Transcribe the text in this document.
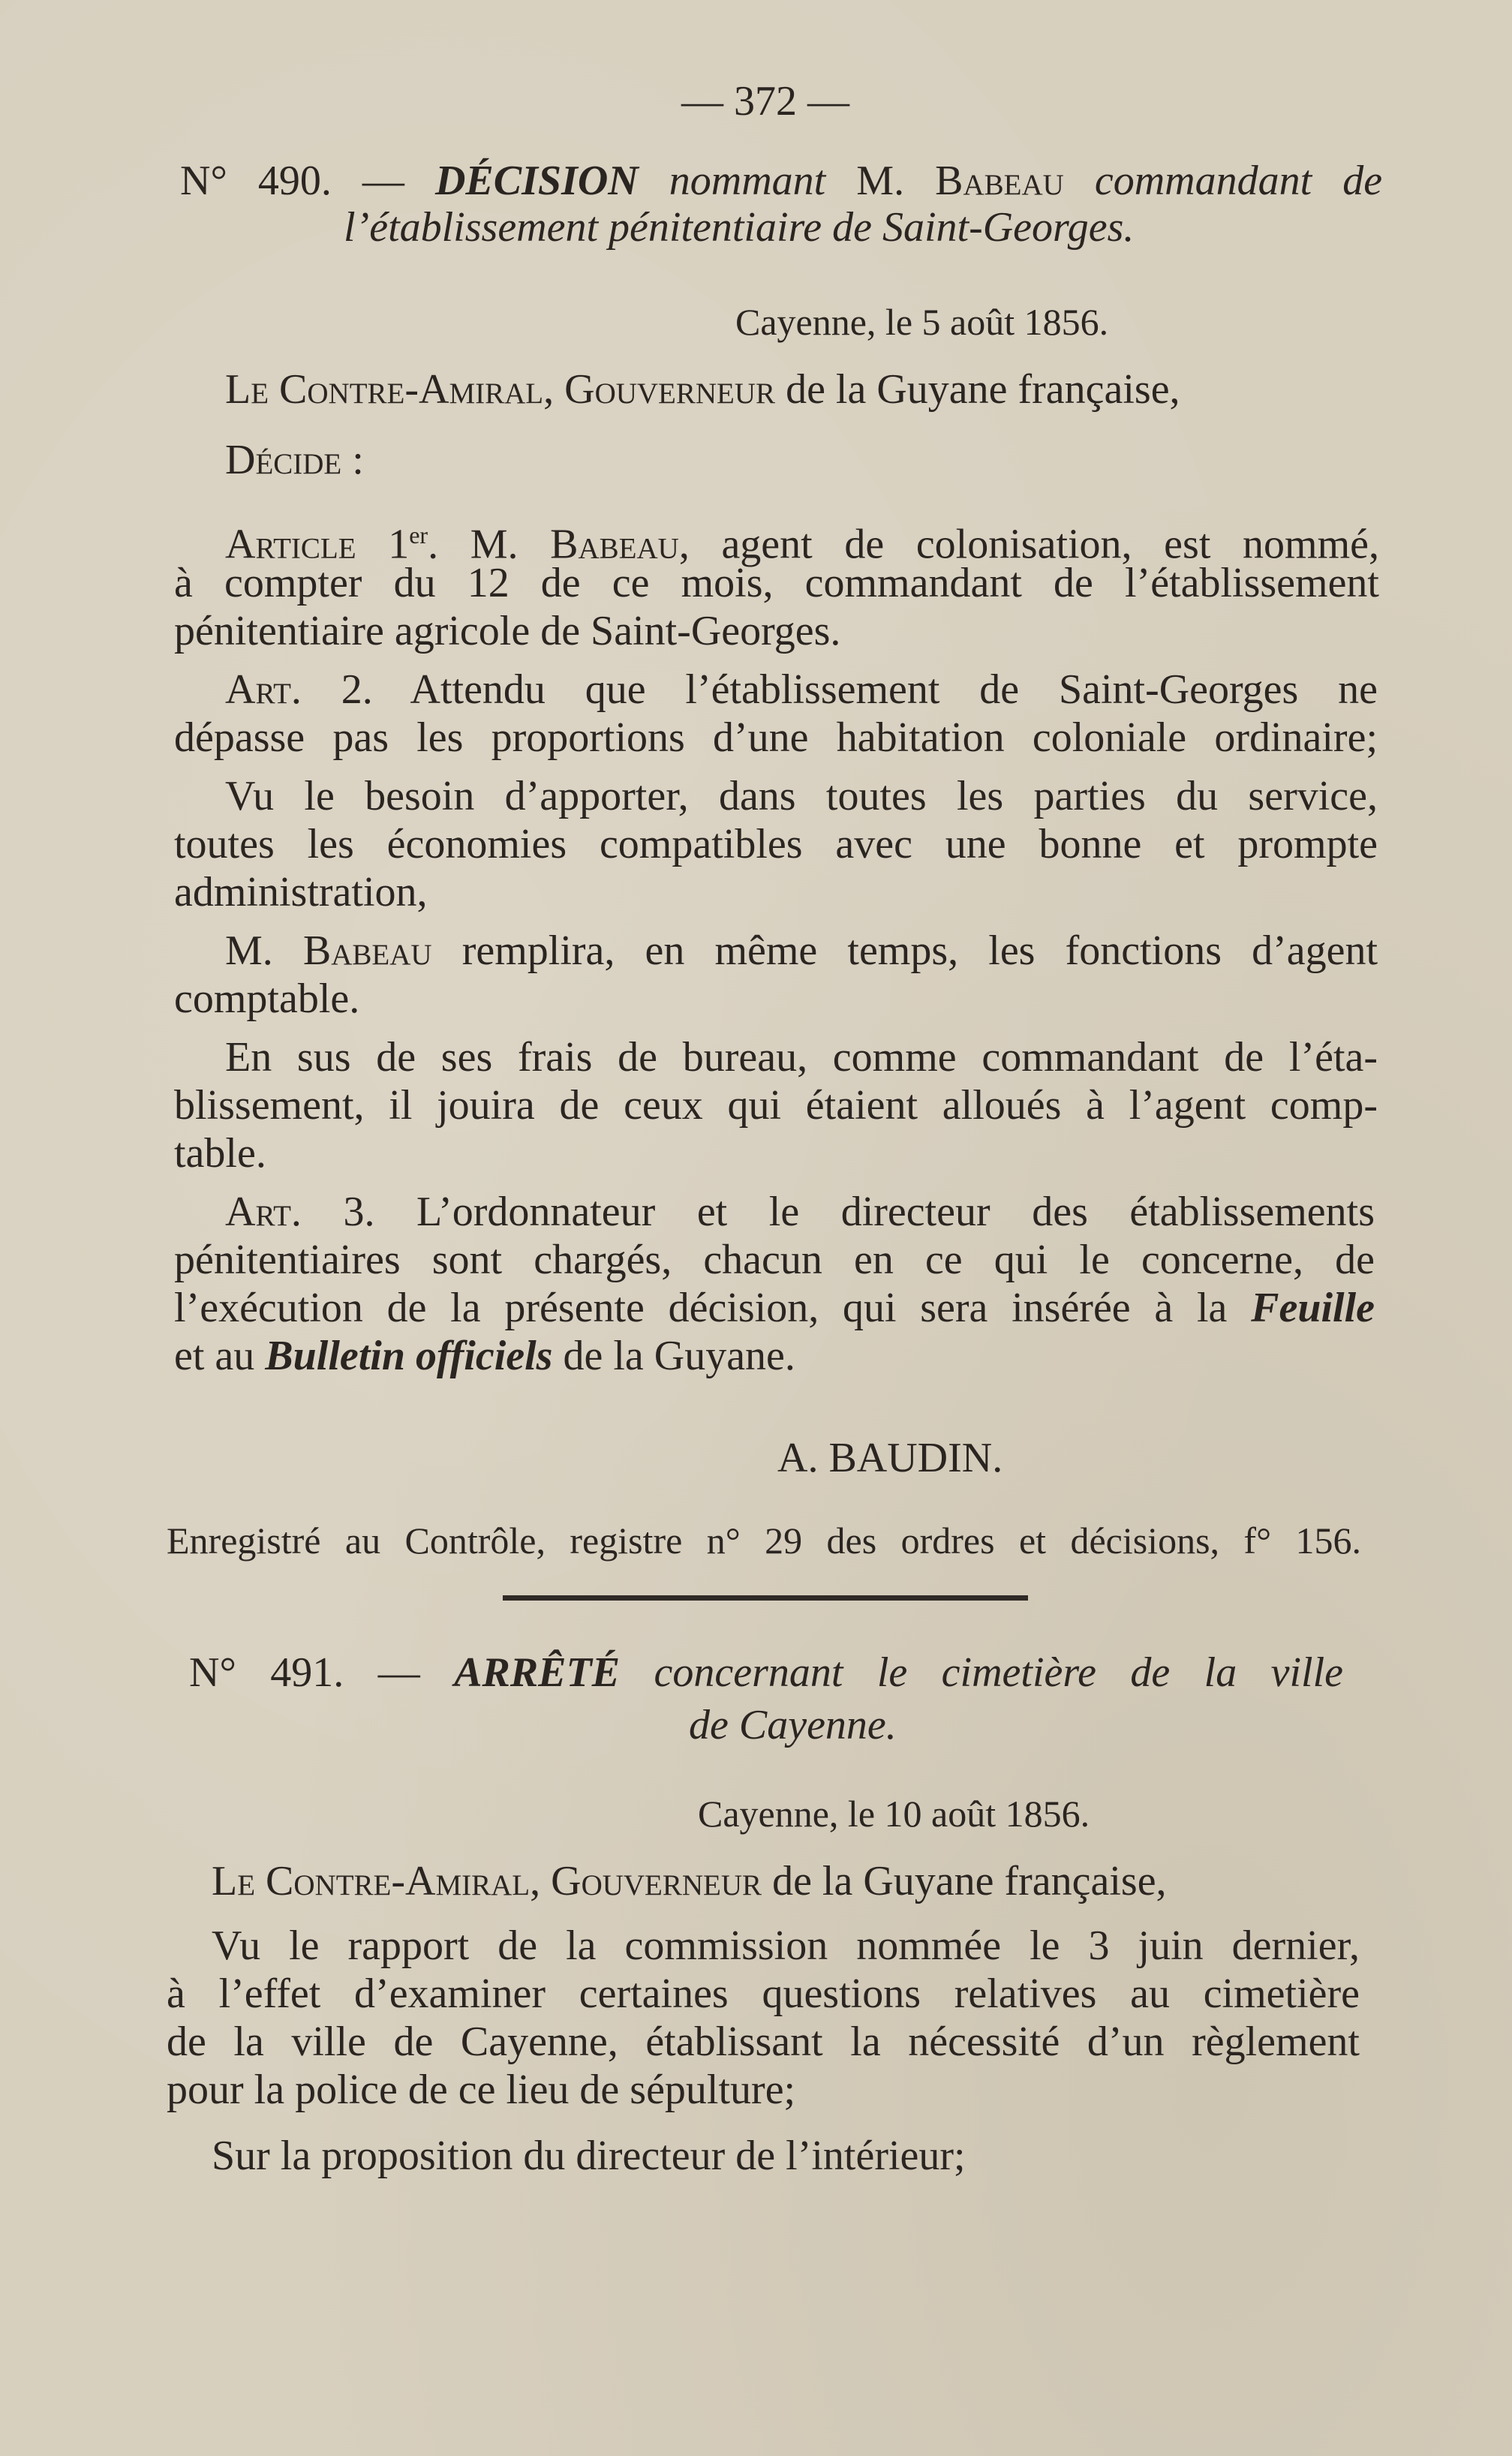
— 372 —
N° 490. — DÉCISION nommant M. Babeau commandant de
l’établissement pénitentiaire de Saint-Georges.
Cayenne, le 5 août 1856.
Le Contre-Amiral, Gouverneur de la Guyane française,
Décide :
Article 1er. M. Babeau, agent de colonisation, est nommé,
à compter du 12 de ce mois, commandant de l’établissement
pénitentiaire agricole de Saint-Georges.
Art. 2. Attendu que l’établissement de Saint-Georges ne
dépasse pas les proportions d’une habitation coloniale ordinaire;
Vu le besoin d’apporter, dans toutes les parties du service,
toutes les économies compatibles avec une bonne et prompte
administration,
M. Babeau remplira, en même temps, les fonctions d’agent
comptable.
En sus de ses frais de bureau, comme commandant de l’éta-
blissement, il jouira de ceux qui étaient alloués à l’agent comp-
table.
Art. 3. L’ordonnateur et le directeur des établissements
pénitentiaires sont chargés, chacun en ce qui le concerne, de
l’exécution de la présente décision, qui sera insérée à la Feuille
et au Bulletin officiels de la Guyane.
A. BAUDIN.
Enregistré au Contrôle, registre n° 29 des ordres et décisions, f° 156.
N° 491. — ARRÊTÉ concernant le cimetière de la ville
de Cayenne.
Cayenne, le 10 août 1856.
Le Contre-Amiral, Gouverneur de la Guyane française,
Vu le rapport de la commission nommée le 3 juin dernier,
à l’effet d’examiner certaines questions relatives au cimetière
de la ville de Cayenne, établissant la nécessité d’un règlement
pour la police de ce lieu de sépulture;
Sur la proposition du directeur de l’intérieur;
